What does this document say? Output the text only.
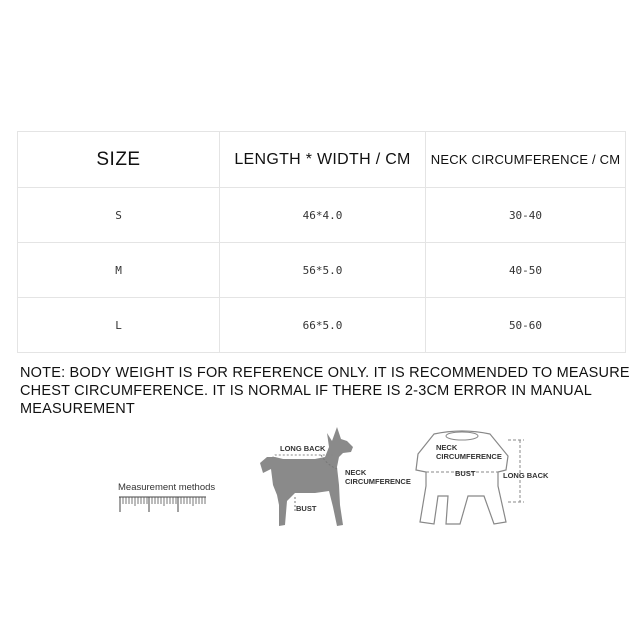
SIZE	LENGTH * WIDTH / CM	NECK CIRCUMFERENCE / CM
S	46*4.0	30-40
M	56*5.0	40-50
L	66*5.0	50-60

NOTE: BODY WEIGHT IS FOR REFERENCE ONLY. IT IS RECOMMENDED TO MEASURE CHEST CIRCUMFERENCE. IT IS NORMAL IF THERE IS 2-3CM ERROR IN MANUAL MEASUREMENT

Measurement methods
LONG BACK
NECK
CIRCUMFERENCE
BUST
NECK
CIRCUMFERENCE
BUST	LONG BACK
